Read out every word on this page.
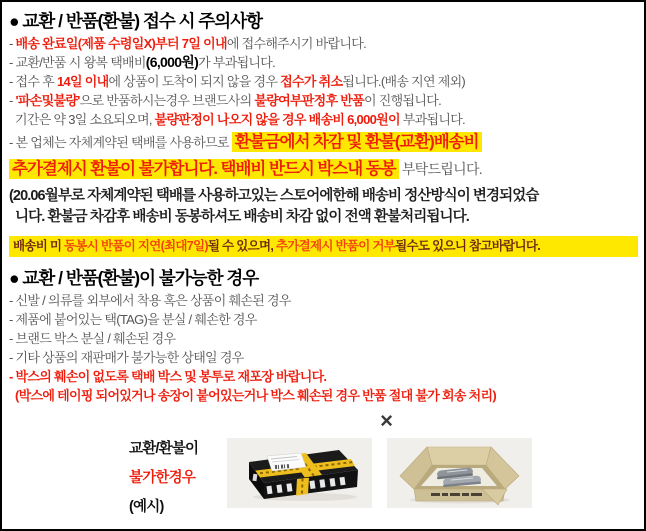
● 교환 / 반품(환불) 접수 시 주의사항
- 배송 완료일(제품 수령일X)부터 7일 이내에 접수해주시기 바랍니다.
- 교환/반품 시 왕복 택배비(6,000원)가 부과됩니다.
- 접수 후 14일 이내에 상품이 도착이 되지 않을 경우 접수가 취소됩니다.(배송 지연 제외)
- '파손및불량'으로 반품하시는경우 브랜드사의 불량여부판정후 반품이 진행됩니다.
기간은 약 3일 소요되오며, 불량판정이 나오지 않을 경우 배송비 6,000원이 부과됩니다.
- 본 업체는 자체계약된 택배를 사용하므로 환불금에서 차감 및 환불(교환)배송비
추가결제시 환불이 불가합니다. 택배비 반드시 박스내 동봉 부탁드립니다.
(20.06월부로 자체계약된 택배를 사용하고있는 스토어에한해 배송비 정산방식이 변경되었습
니다. 환불금 차감후 배송비 동봉하셔도 배송비 차감 없이 전액 환불처리됩니다.
배송비 미 동봉시 반품이 지연(최대7일)될 수 있으며, 추가결제시 반품이 거부될수도 있으니 참고바랍니다.
● 교환 / 반품(환불)이 불가능한 경우
- 신발 / 의류를 외부에서 착용 혹은 상품이 훼손된 경우
- 제품에 붙어있는 택(TAG)을 분실 / 훼손한 경우
- 브랜드 박스 분실 / 훼손된 경우
- 기타 상품의 재판매가 불가능한 상태일 경우
- 박스의 훼손이 없도록 택배 박스 및 봉투로 재포장 바랍니다.
(박스에 테이핑 되어있거나 송장이 붙어있는거나 박스 훼손된 경우 반품 절대 불가 회송 처리)
×
교환/환불이
불가한경우
(예시)
